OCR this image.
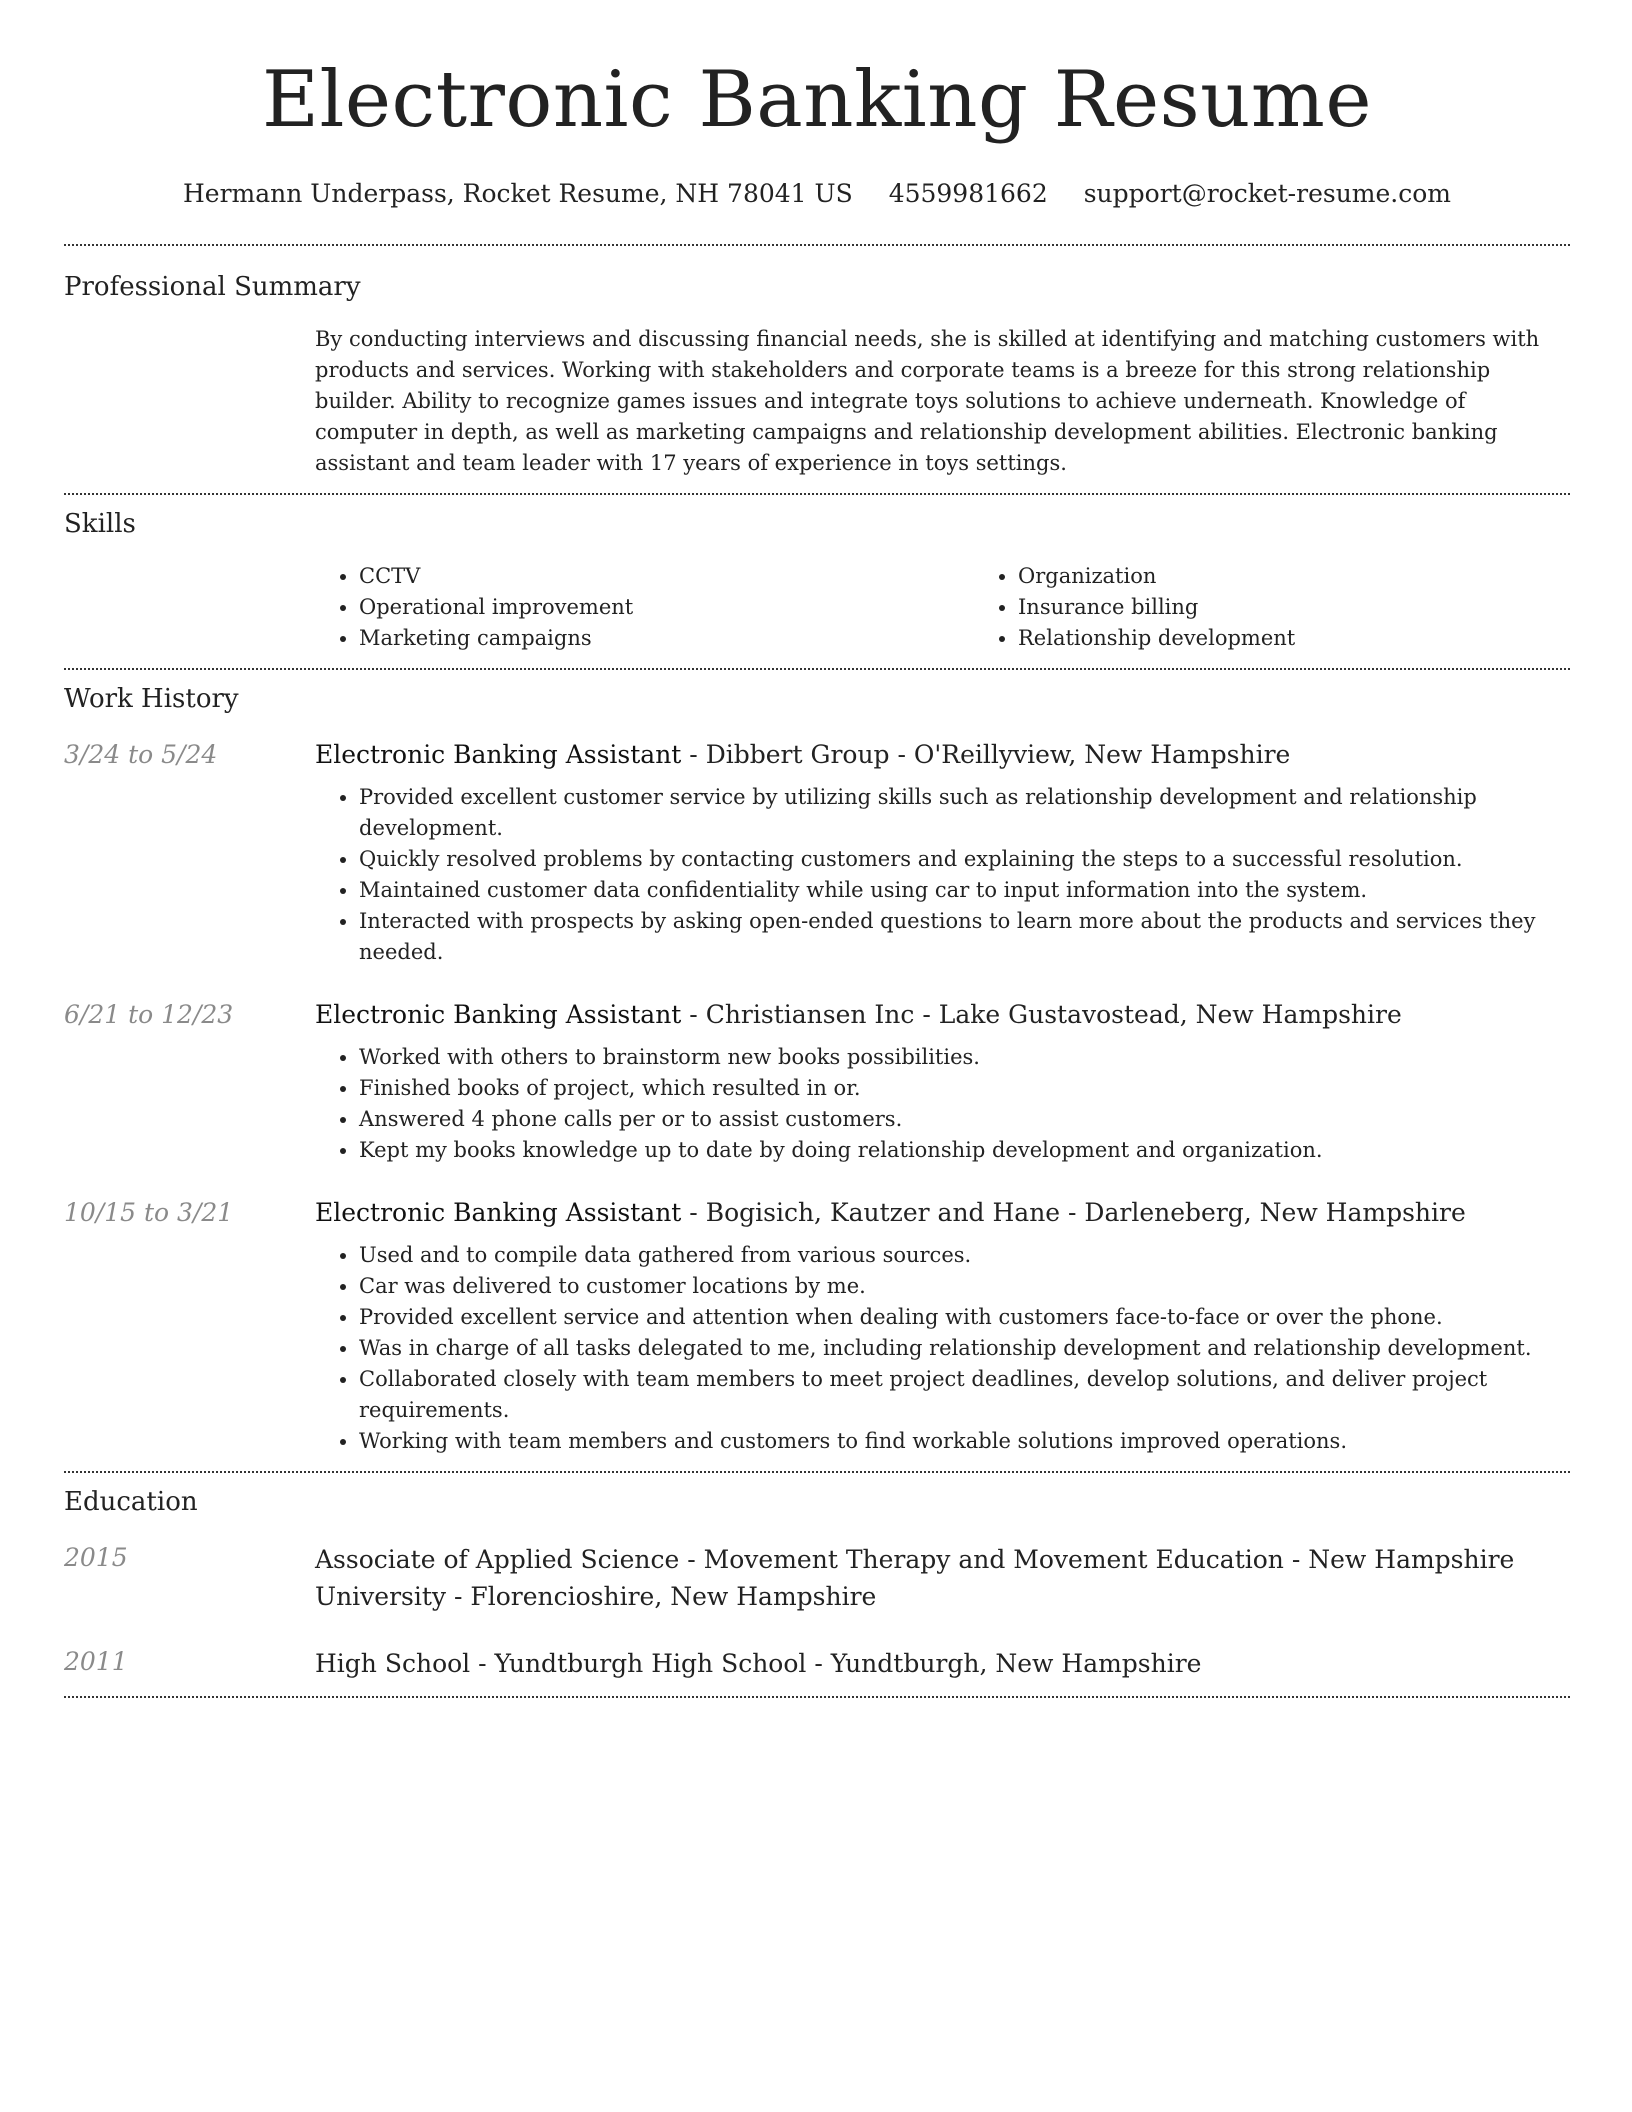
Electronic Banking Resume
Hermann Underpass, Rocket Resume, NH 78041 US 4559981662 support@rocket-resume.com
Professional Summary

By conducting interviews and discussing financial needs, she is skilled at identifying and matching customers with products and services. Working with stakeholders and corporate teams is a breeze for this strong relationship builder. Ability to recognize games issues and integrate toys solutions to achieve underneath. Knowledge of computer in depth, as well as marketing campaigns and relationship development abilities. Electronic banking assistant and team leader with 17 years of experience in toys settings.

Skills
• CCTV
• Operational improvement
• Marketing campaigns
• Organization
• Insurance billing
• Relationship development
Work History
3/24 to 5/24	Electronic Banking Assistant - Dibbert Group - O'Reillyview, New Hampshire
• Provided excellent customer service by utilizing skills such as relationship development and relationship development.
• Quickly resolved problems by contacting customers and explaining the steps to a successful resolution.
• Maintained customer data confidentiality while using car to input information into the system.
• Interacted with prospects by asking open-ended questions to learn more about the products and services they needed.
6/21 to 12/23	Electronic Banking Assistant - Christiansen Inc - Lake Gustavostead, New Hampshire
• Worked with others to brainstorm new books possibilities.
• Finished books of project, which resulted in or.
• Answered 4 phone calls per or to assist customers.
• Kept my books knowledge up to date by doing relationship development and organization.
10/15 to 3/21	Electronic Banking Assistant - Bogisich, Kautzer and Hane - Darleneberg, New Hampshire
• Used and to compile data gathered from various sources.
• Car was delivered to customer locations by me.
• Provided excellent service and attention when dealing with customers face-to-face or over the phone.
• Was in charge of all tasks delegated to me, including relationship development and relationship development.
• Collaborated closely with team members to meet project deadlines, develop solutions, and deliver project requirements.
• Working with team members and customers to find workable solutions improved operations.
Education
2015	Associate of Applied Science - Movement Therapy and Movement Education - New Hampshire University - Florencioshire, New Hampshire
2011	High School - Yundtburgh High School - Yundtburgh, New Hampshire
